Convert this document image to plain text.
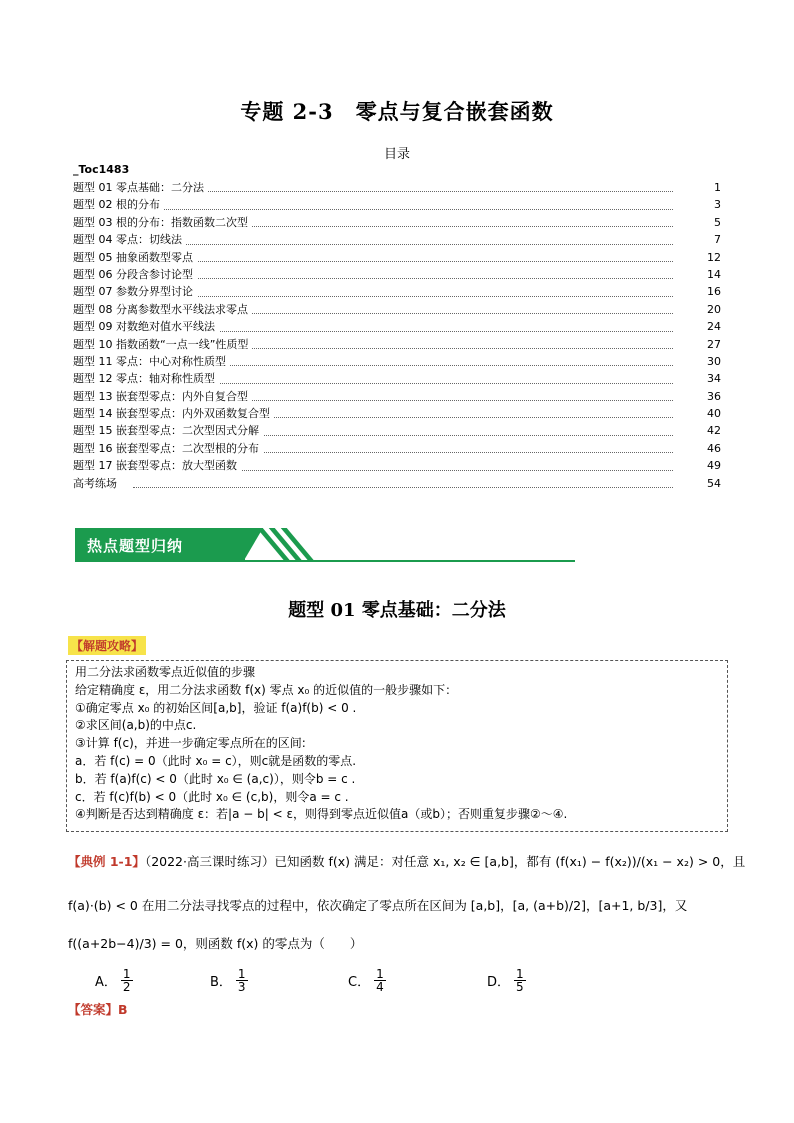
专题 2-3　零点与复合嵌套函数
目录
_Toc1483
题型 01 零点基础：二分法	1
题型 02 根的分布	3
题型 03 根的分布：指数函数二次型	5
题型 04 零点：切线法	7
题型 05 抽象函数型零点	12
题型 06 分段含参讨论型	14
题型 07 参数分界型讨论	16
题型 08 分离参数型水平线法求零点	20
题型 09 对数绝对值水平线法	24
题型 10 指数函数“一点一线”性质型	27
题型 11 零点：中心对称性质型	30
题型 12 零点：轴对称性质型	34
题型 13 嵌套型零点：内外自复合型	36
题型 14 嵌套型零点：内外双函数复合型	40
题型 15 嵌套型零点：二次型因式分解	42
题型 16 嵌套型零点：二次型根的分布	46
题型 17 嵌套型零点：放大型函数	49
高考练场	54
热点题型归纳
题型 01 零点基础：二分法
【解题攻略】
用二分法求函数零点近似值的步骤
给定精确度 ε，用二分法求函数 f(x) 零点 x₀ 的近似值的一般步骤如下：
①确定零点 x₀ 的初始区间[a,b]，验证 f(a)f(b) < 0 .
②求区间(a,b)的中点c.
③计算 f(c)，并进一步确定零点所在的区间:
a．若 f(c) = 0（此时 x₀ = c），则c就是函数的零点.
b．若 f(a)f(c) < 0（此时 x₀ ∈ (a,c)），则令b = c .
c．若 f(c)f(b) < 0（此时 x₀ ∈ (c,b)，则令a = c .
④判断是否达到精确度 ε：若|a − b| < ε，则得到零点近似值a（或b）；否则重复步骤②～④.
【典例 1-1】（2022·高三课时练习）已知函数 f(x) 满足：对任意 x₁, x₂ ∈ [a,b]，都有 (f(x₁) − f(x₂))/(x₁ − x₂) > 0，且
f(a)·(b) < 0 在用二分法寻找零点的过程中，依次确定了零点所在区间为 [a,b]，[a, (a+b)/2]，[a+1, b/3]，又
f((a+2b−4)/3) = 0，则函数 f(x) 的零点为（　　）
A． $\frac{1}{2}$	B． $\frac{1}{3}$	C． $\frac{1}{4}$	D． $\frac{1}{5}$
【答案】B
